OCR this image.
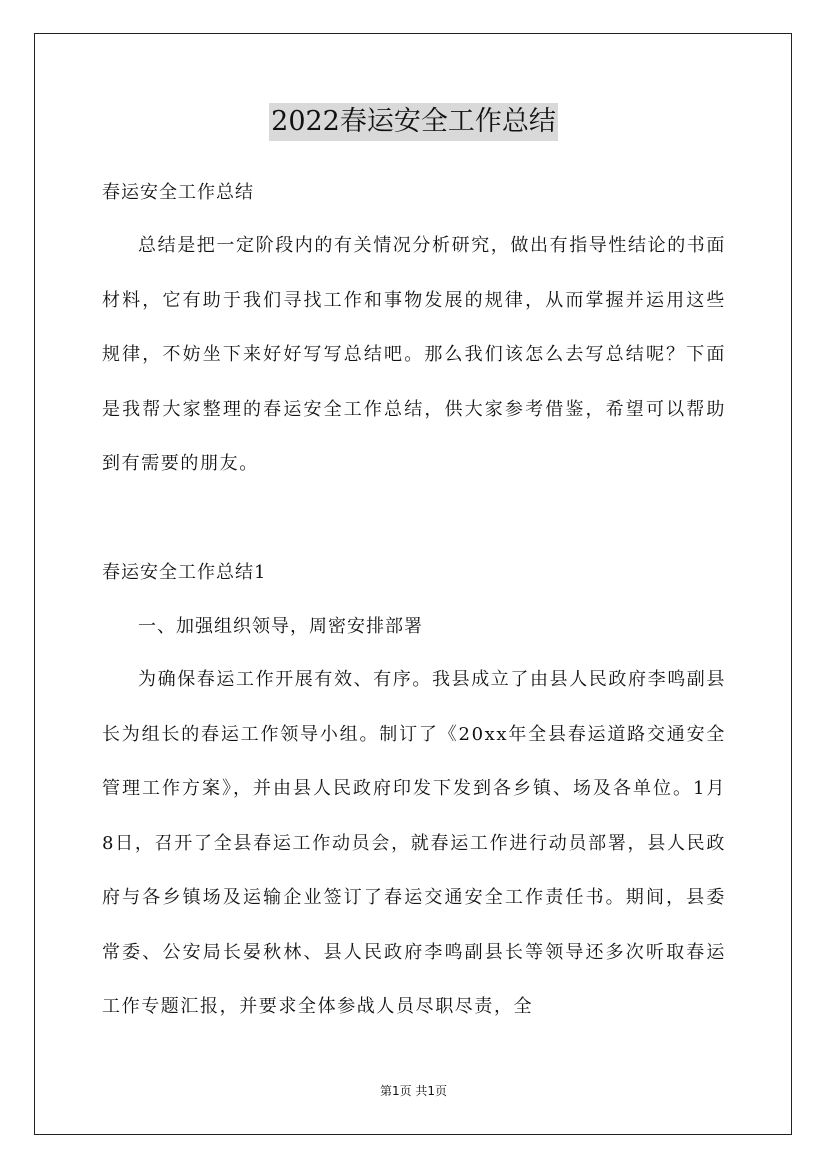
2022春运安全工作总结
春运安全工作总结

总结是把一定阶段内的有关情况分析研究，做出有指导性结论的书面材料，它有助于我们寻找工作和事物发展的规律，从而掌握并运用这些规律，不妨坐下来好好写写总结吧。那么我们该怎么去写总结呢？下面是我帮大家整理的春运安全工作总结，供大家参考借鉴，希望可以帮助到有需要的朋友。

春运安全工作总结1
一、加强组织领导，周密安排部署

为确保春运工作开展有效、有序。我县成立了由县人民政府李鸣副县长为组长的春运工作领导小组。制订了《20xx年全县春运道路交通安全管理工作方案》，并由县人民政府印发下发到各乡镇、场及各单位。1月8日，召开了全县春运工作动员会，就春运工作进行动员部署，县人民政府与各乡镇场及运输企业签订了春运交通安全工作责任书。期间，县委常委、公安局长晏秋林、县人民政府李鸣副县长等领导还多次听取春运工作专题汇报，并要求全体参战人员尽职尽责，全

第1页 共1页
